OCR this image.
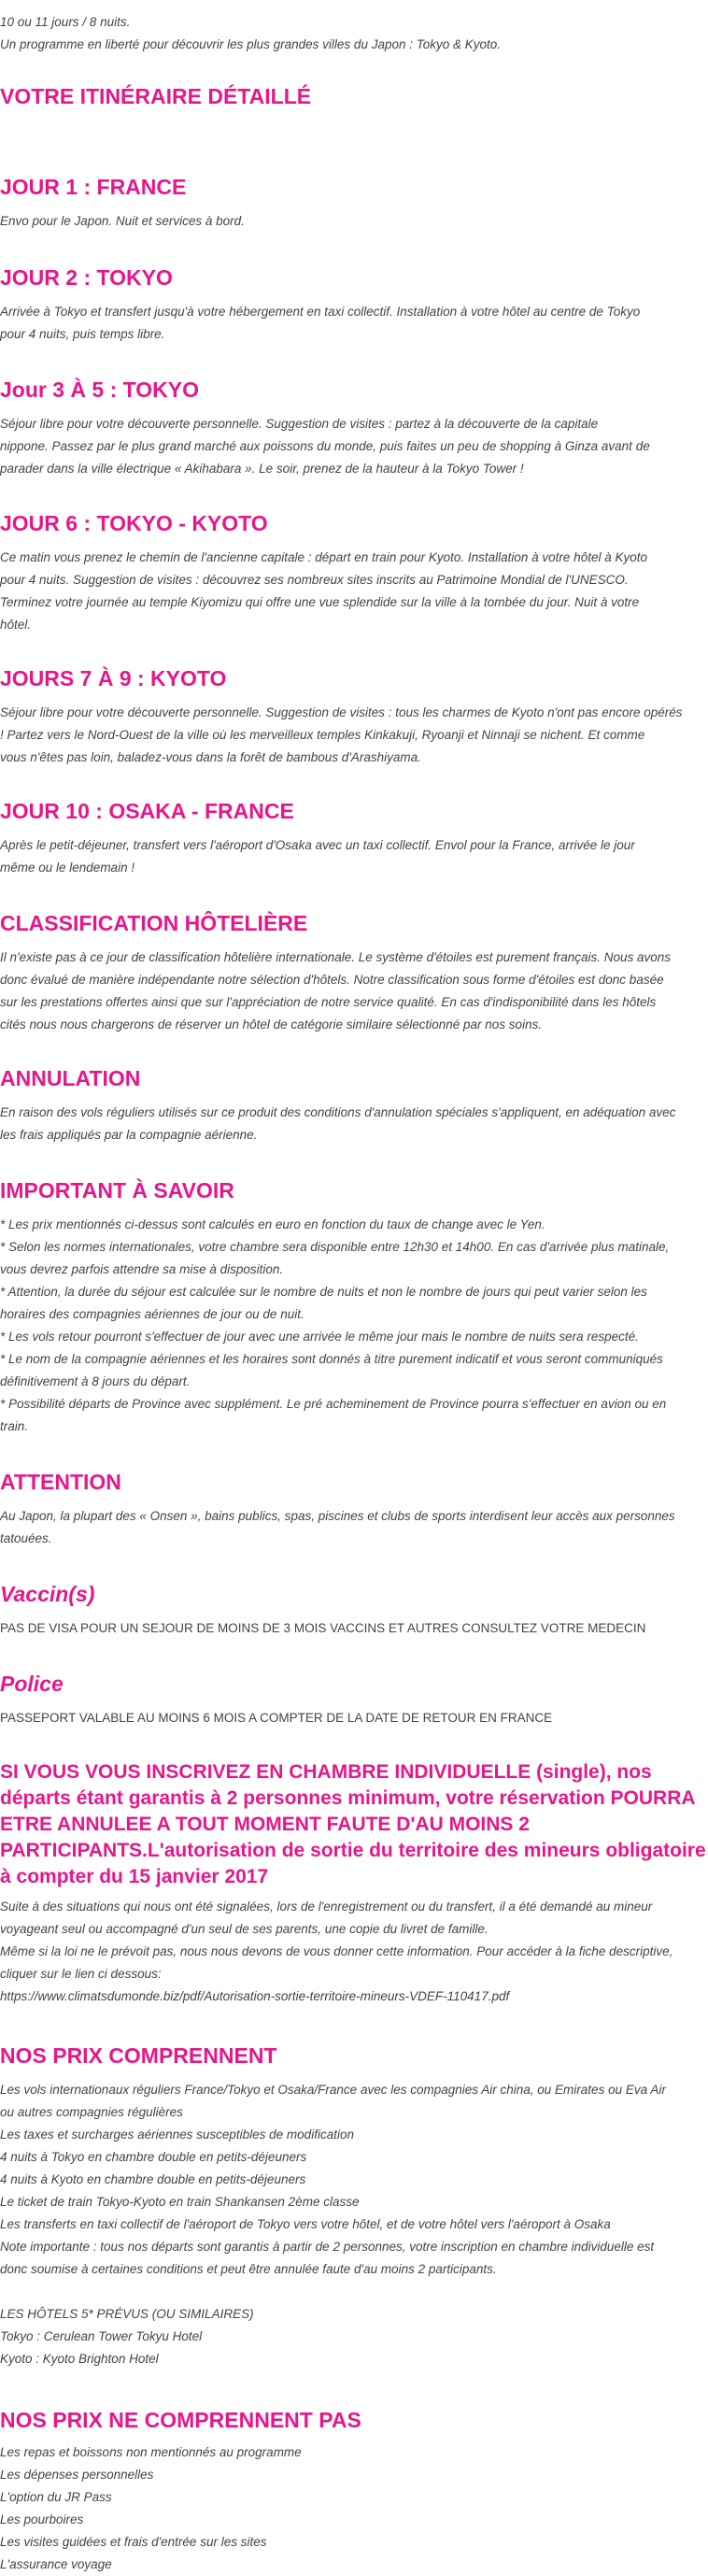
10 ou 11 jours / 8 nuits.
Un programme en liberté pour découvrir les plus grandes villes du Japon : Tokyo & Kyoto.
VOTRE ITINÉRAIRE DÉTAILLÉ
JOUR 1 : FRANCE
Envo pour le Japon. Nuit et services à bord.
JOUR 2 : TOKYO
Arrivée à Tokyo et transfert jusqu'à votre hébergement en taxi collectif. Installation à votre hôtel au centre de Tokyo
pour 4 nuits, puis temps libre.
Jour 3 À 5 : TOKYO
Séjour libre pour votre découverte personnelle. Suggestion de visites : partez à la découverte de la capitale
nippone. Passez par le plus grand marché aux poissons du monde, puis faites un peu de shopping à Ginza avant de
parader dans la ville électrique « Akihabara ». Le soir, prenez de la hauteur à la Tokyo Tower !
JOUR 6 : TOKYO - KYOTO
Ce matin vous prenez le chemin de l'ancienne capitale : départ en train pour Kyoto. Installation à votre hôtel à Kyoto
pour 4 nuits. Suggestion de visites : découvrez ses nombreux sites inscrits au Patrimoine Mondial de l'UNESCO.
Terminez votre journée au temple Kiyomizu qui offre une vue splendide sur la ville à la tombée du jour. Nuit à votre
hôtel.
JOURS 7 À 9 : KYOTO
Séjour libre pour votre découverte personnelle. Suggestion de visites : tous les charmes de Kyoto n'ont pas encore opérés
! Partez vers le Nord-Ouest de la ville où les merveilleux temples Kinkakuji, Ryoanji et Ninnaji se nichent. Et comme
vous n'êtes pas loin, baladez-vous dans la forêt de bambous d'Arashiyama.
JOUR 10 : OSAKA - FRANCE
Après le petit-déjeuner, transfert vers l'aéroport d'Osaka avec un taxi collectif. Envol pour la France, arrivée le jour
même ou le lendemain !
CLASSIFICATION HÔTELIÈRE
Il n'existe pas à ce jour de classification hôtelière internationale. Le système d'étoiles est purement français. Nous avons
donc évalué de manière indépendante notre sélection d'hôtels. Notre classification sous forme d'étoiles est donc basée
sur les prestations offertes ainsi que sur l'appréciation de notre service qualité. En cas d'indisponibilité dans les hôtels
cités nous nous chargerons de réserver un hôtel de catégorie similaire sélectionné par nos soins.
ANNULATION
En raison des vols réguliers utilisés sur ce produit des conditions d'annulation spéciales s'appliquent, en adéquation avec
les frais appliqués par la compagnie aérienne.
IMPORTANT À SAVOIR
* Les prix mentionnés ci-dessus sont calculés en euro en fonction du taux de change avec le Yen.
* Selon les normes internationales, votre chambre sera disponible entre 12h30 et 14h00. En cas d'arrivée plus matinale,
vous devrez parfois attendre sa mise à disposition.
* Attention, la durée du séjour est calculée sur le nombre de nuits et non le nombre de jours qui peut varier selon les
horaires des compagnies aériennes de jour ou de nuit.
* Les vols retour pourront s'effectuer de jour avec une arrivée le même jour mais le nombre de nuits sera respecté.
* Le nom de la compagnie aériennes et les horaires sont donnés à titre purement indicatif et vous seront communiqués
définitivement à 8 jours du départ.
* Possibilité départs de Province avec supplément. Le pré acheminement de Province pourra s'effectuer en avion ou en
train.
ATTENTION
Au Japon, la plupart des « Onsen », bains publics, spas, piscines et clubs de sports interdisent leur accès aux personnes
tatouées.
Vaccin(s)
PAS DE VISA POUR UN SEJOUR DE MOINS DE 3 MOIS VACCINS ET AUTRES CONSULTEZ VOTRE MEDECIN
Police
PASSEPORT VALABLE AU MOINS 6 MOIS A COMPTER DE LA DATE DE RETOUR EN FRANCE
SI VOUS VOUS INSCRIVEZ EN CHAMBRE INDIVIDUELLE (single), nos
départs étant garantis à 2 personnes minimum, votre réservation POURRA
ETRE ANNULEE A TOUT MOMENT FAUTE D'AU MOINS 2
PARTICIPANTS.L'autorisation de sortie du territoire des mineurs obligatoire
à compter du 15 janvier 2017
Suite à des situations qui nous ont été signalées, lors de l'enregistrement ou du transfert, il a été demandé au mineur
voyageant seul ou accompagné d'un seul de ses parents, une copie du livret de famille.
Même si la loi ne le prévoit pas, nous nous devons de vous donner cette information. Pour accéder à la fiche descriptive,
cliquer sur le lien ci dessous:
https://www.climatsdumonde.biz/pdf/Autorisation-sortie-territoire-mineurs-VDEF-110417.pdf
NOS PRIX COMPRENNENT
Les vols internationaux réguliers France/Tokyo et Osaka/France avec les compagnies Air china, ou Emirates ou Eva Air
ou autres compagnies régulières
Les taxes et surcharges aériennes susceptibles de modification
4 nuits à Tokyo en chambre double en petits-déjeuners
4 nuits à Kyoto en chambre double en petits-déjeuners
Le ticket de train Tokyo-Kyoto en train Shankansen 2ème classe
Les transferts en taxi collectif de l'aéroport de Tokyo vers votre hôtel, et de votre hôtel vers l'aéroport à Osaka
Note importante : tous nos départs sont garantis à partir de 2 personnes, votre inscription en chambre individuelle est
donc soumise à certaines conditions et peut être annulée faute d'au moins 2 participants.
LES HÔTELS 5* PRÉVUS (OU SIMILAIRES)
Tokyo : Cerulean Tower Tokyu Hotel
Kyoto : Kyoto Brighton Hotel
NOS PRIX NE COMPRENNENT PAS
Les repas et boissons non mentionnés au programme
Les dépenses personnelles
L'option du JR Pass
Les pourboires
Les visites guidées et frais d'entrée sur les sites
L'assurance voyage
